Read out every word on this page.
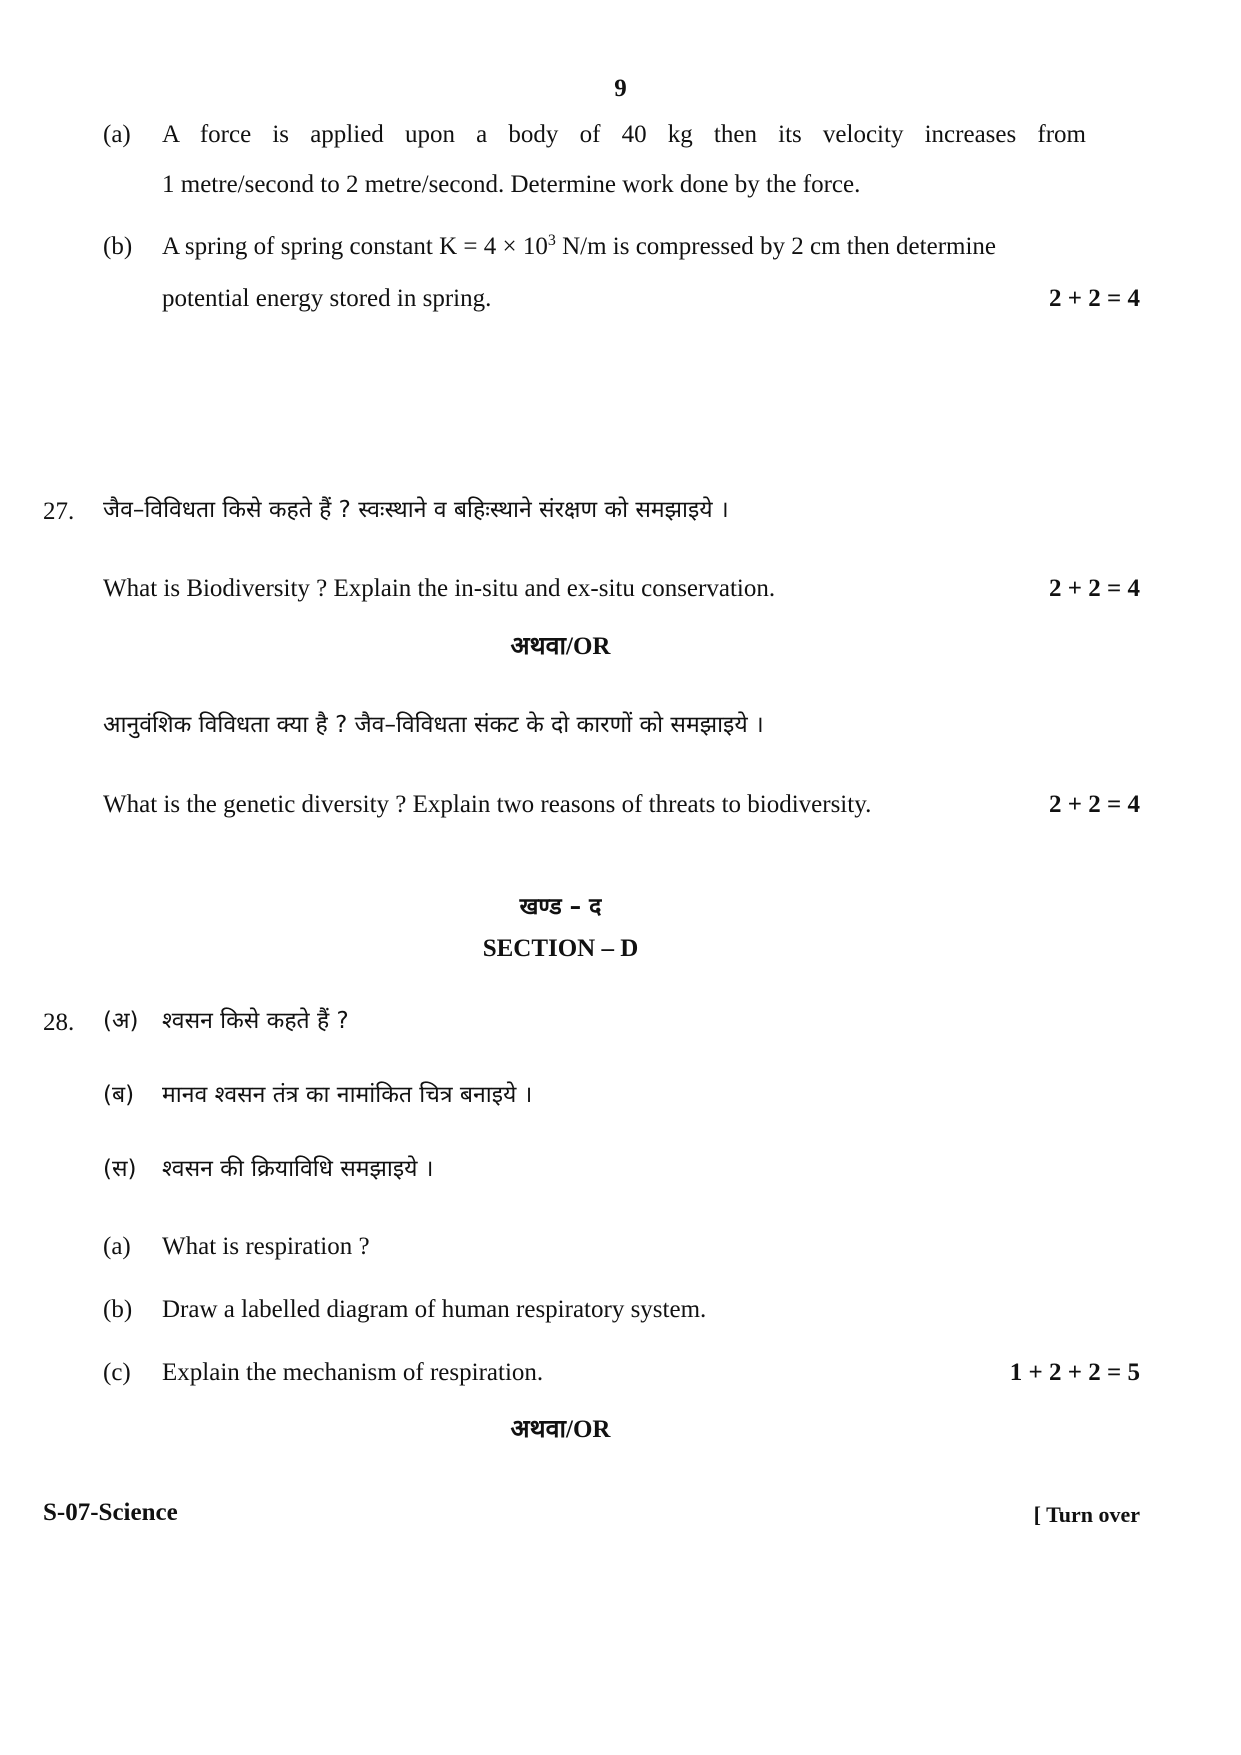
9
(a) A force is applied upon a body of 40 kg then its velocity increases from
1 metre/second to 2 metre/second. Determine work done by the force.
(b) A spring of spring constant $K = 4 \times 10^3$ N/m is compressed by 2 cm then determine
potential energy stored in spring.	2 + 2 = 4
27. जैव–विविधता किसे कहते हैं ? स्वःस्थाने व बहिःस्थाने संरक्षण को समझाइये ।
What is Biodiversity ? Explain the in-situ and ex-situ conservation.	2 + 2 = 4
अथवा/OR
आनुवंशिक विविधता क्या है ? जैव–विविधता संकट के दो कारणों को समझाइये ।
What is the genetic diversity ? Explain two reasons of threats to biodiversity.	2 + 2 = 4
खण्ड – द
SECTION – D
28. (अ) श्वसन किसे कहते हैं ?
(ब) मानव श्वसन तंत्र का नामांकित चित्र बनाइये ।
(स) श्वसन की क्रियाविधि समझाइये ।
(a) What is respiration ?
(b) Draw a labelled diagram of human respiratory system.
(c) Explain the mechanism of respiration.	1 + 2 + 2 = 5
अथवा/OR
S-07-Science	[ Turn over
